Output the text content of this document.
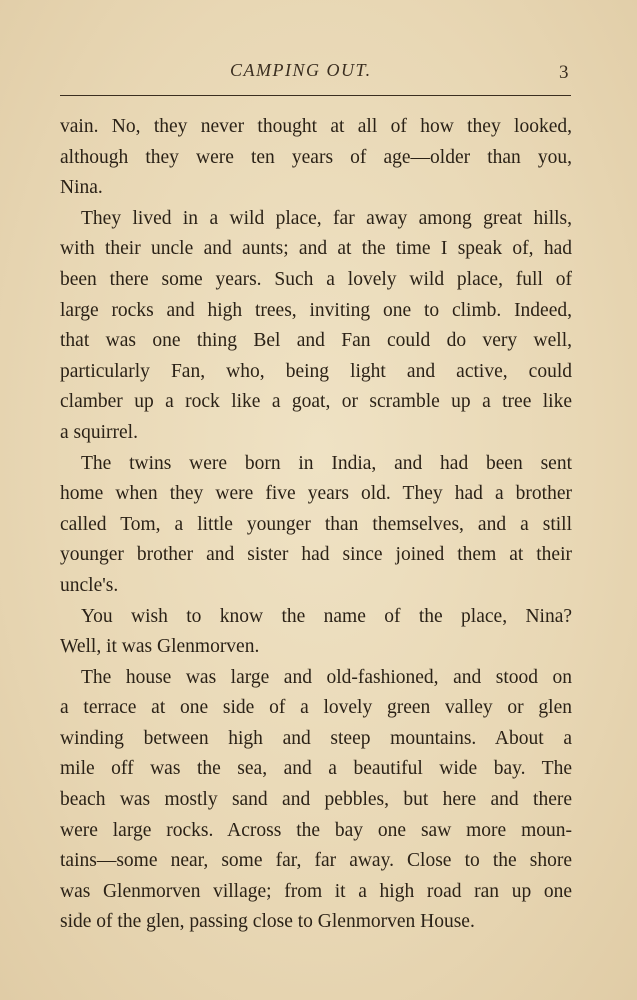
CAMPING OUT.	3
vain. No, they never thought at all of how they looked,
although they were ten years of age—older than you,
Nina.
They lived in a wild place, far away among great hills,
with their uncle and aunts; and at the time I speak of, had
been there some years. Such a lovely wild place, full of
large rocks and high trees, inviting one to climb. Indeed,
that was one thing Bel and Fan could do very well,
particularly Fan, who, being light and active, could
clamber up a rock like a goat, or scramble up a tree like
a squirrel.
The twins were born in India, and had been sent
home when they were five years old. They had a brother
called Tom, a little younger than themselves, and a still
younger brother and sister had since joined them at their
uncle's.
You wish to know the name of the place, Nina?
Well, it was Glenmorven.
The house was large and old-fashioned, and stood on
a terrace at one side of a lovely green valley or glen
winding between high and steep mountains. About a
mile off was the sea, and a beautiful wide bay. The
beach was mostly sand and pebbles, but here and there
were large rocks. Across the bay one saw more moun-
tains—some near, some far, far away. Close to the shore
was Glenmorven village; from it a high road ran up one
side of the glen, passing close to Glenmorven House.
